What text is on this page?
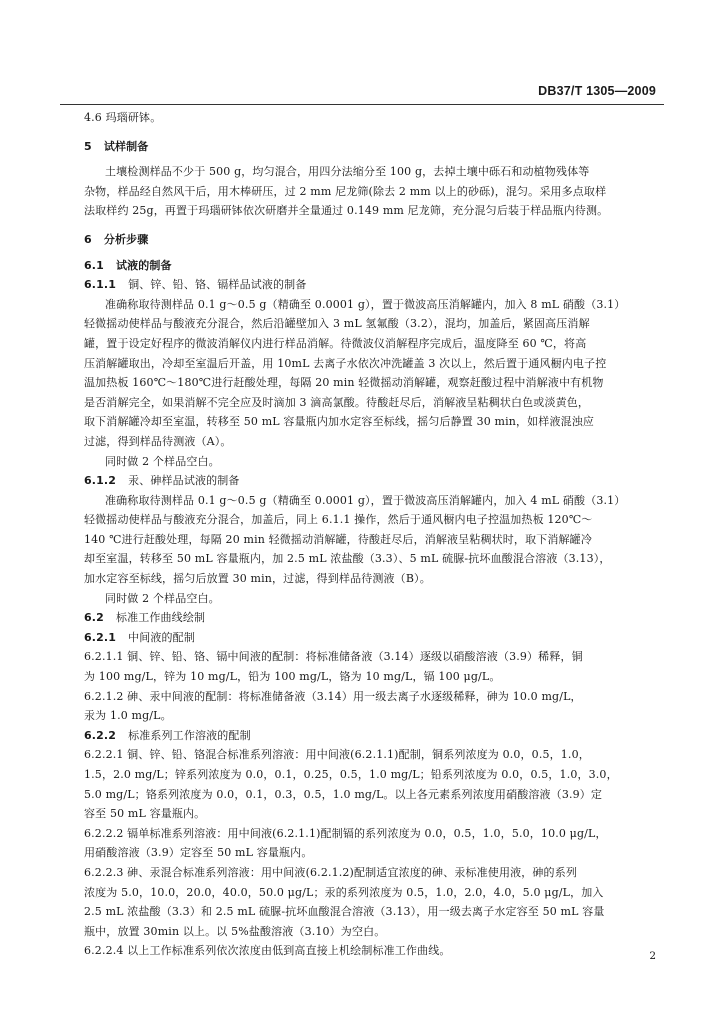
DB37/T 1305—2009
4.6 玛瑙研钵。
5 试样制备
土壤检测样品不少于 500 g，均匀混合，用四分法缩分至 100 g，去掉土壤中砾石和动植物残体等
杂物，样品经自然风干后，用木棒研压，过 2 mm 尼龙筛(除去 2 mm 以上的砂砾)，混匀。采用多点取样
法取样约 25g，再置于玛瑙研钵依次研磨并全量通过 0.149 mm 尼龙筛，充分混匀后装于样品瓶内待测。
6 分析步骤
6.1 试液的制备
6.1.1 铜、锌、铅、铬、镉样品试液的制备
准确称取待测样品 0.1 g～0.5 g（精确至 0.0001 g），置于微波高压消解罐内，加入 8 mL 硝酸（3.1）
轻微摇动使样品与酸液充分混合，然后沿罐壁加入 3 mL 氢氟酸（3.2），混均，加盖后，紧固高压消解
罐，置于设定好程序的微波消解仪内进行样品消解。待微波仪消解程序完成后，温度降至 60 ℃，将高
压消解罐取出，冷却至室温后开盖，用 10mL 去离子水依次冲洗罐盖 3 次以上，然后置于通风橱内电子控
温加热板 160℃～180℃进行赶酸处理，每隔 20 min 轻微摇动消解罐，观察赶酸过程中消解液中有机物
是否消解完全，如果消解不完全应及时滴加 3 滴高氯酸。待酸赶尽后，消解液呈粘稠状白色或淡黄色，
取下消解罐冷却至室温，转移至 50 mL 容量瓶内加水定容至标线，摇匀后静置 30 min，如样液混浊应
过滤，得到样品待测液（A）。
同时做 2 个样品空白。
6.1.2 汞、砷样品试液的制备
准确称取待测样品 0.1 g～0.5 g（精确至 0.0001 g），置于微波高压消解罐内，加入 4 mL 硝酸（3.1）
轻微摇动使样品与酸液充分混合，加盖后，同上 6.1.1 操作，然后于通风橱内电子控温加热板 120℃～
140 ℃进行赶酸处理，每隔 20 min 轻微摇动消解罐，待酸赶尽后，消解液呈粘稠状时，取下消解罐冷
却至室温，转移至 50 mL 容量瓶内，加 2.5 mL 浓盐酸（3.3）、5 mL 硫脲-抗坏血酸混合溶液（3.13），
加水定容至标线，摇匀后放置 30 min，过滤，得到样品待测液（B）。
同时做 2 个样品空白。
6.2 标准工作曲线绘制
6.2.1 中间液的配制
6.2.1.1 铜、锌、铅、铬、镉中间液的配制：将标准储备液（3.14）逐级以硝酸溶液（3.9）稀释，铜
为 100 mg/L，锌为 10 mg/L，铅为 100 mg/L，铬为 10 mg/L，镉 100 μg/L。
6.2.1.2 砷、汞中间液的配制：将标准储备液（3.14）用一级去离子水逐级稀释，砷为 10.0 mg/L，
汞为 1.0 mg/L。
6.2.2 标准系列工作溶液的配制
6.2.2.1 铜、锌、铅、铬混合标准系列溶液：用中间液(6.2.1.1)配制，铜系列浓度为 0.0，0.5，1.0，
1.5，2.0 mg/L；锌系列浓度为 0.0，0.1，0.25，0.5，1.0 mg/L；铅系列浓度为 0.0，0.5，1.0，3.0，
5.0 mg/L；铬系列浓度为 0.0，0.1，0.3，0.5，1.0 mg/L。以上各元素系列浓度用硝酸溶液（3.9）定
容至 50 mL 容量瓶内。
6.2.2.2 镉单标准系列溶液：用中间液(6.2.1.1)配制镉的系列浓度为 0.0，0.5，1.0，5.0，10.0 μg/L，
用硝酸溶液（3.9）定容至 50 mL 容量瓶内。
6.2.2.3 砷、汞混合标准系列溶液：用中间液(6.2.1.2)配制适宜浓度的砷、汞标准使用液，砷的系列
浓度为 5.0，10.0，20.0，40.0，50.0 μg/L；汞的系列浓度为 0.5，1.0，2.0，4.0，5.0 μg/L，加入
2.5 mL 浓盐酸（3.3）和 2.5 mL 硫脲-抗坏血酸混合溶液（3.13），用一级去离子水定容至 50 mL 容量
瓶中，放置 30min 以上。以 5%盐酸溶液（3.10）为空白。
6.2.2.4 以上工作标准系列依次浓度由低到高直接上机绘制标准工作曲线。	2
